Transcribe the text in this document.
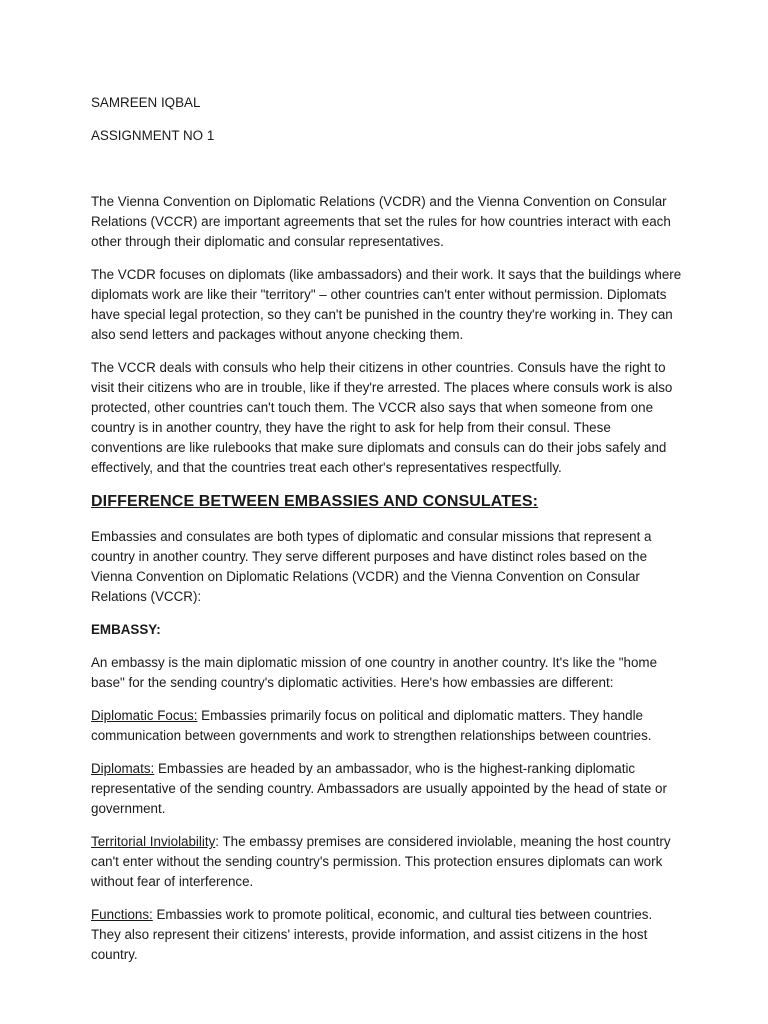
SAMREEN IQBAL

ASSIGNMENT NO 1

The Vienna Convention on Diplomatic Relations (VCDR) and the Vienna Convention on Consular Relations (VCCR) are important agreements that set the rules for how countries interact with each other through their diplomatic and consular representatives.

The VCDR focuses on diplomats (like ambassadors) and their work. It says that the buildings where diplomats work are like their "territory" – other countries can't enter without permission. Diplomats have special legal protection, so they can't be punished in the country they're working in. They can also send letters and packages without anyone checking them.

The VCCR deals with consuls who help their citizens in other countries. Consuls have the right to visit their citizens who are in trouble, like if they're arrested. The places where consuls work is also protected, other countries can't touch them. The VCCR also says that when someone from one country is in another country, they have the right to ask for help from their consul. These conventions are like rulebooks that make sure diplomats and consuls can do their jobs safely and effectively, and that the countries treat each other's representatives respectfully.

DIFFERENCE BETWEEN EMBASSIES AND CONSULATES:

Embassies and consulates are both types of diplomatic and consular missions that represent a country in another country. They serve different purposes and have distinct roles based on the Vienna Convention on Diplomatic Relations (VCDR) and the Vienna Convention on Consular Relations (VCCR):

EMBASSY:

An embassy is the main diplomatic mission of one country in another country. It's like the "home base" for the sending country's diplomatic activities. Here's how embassies are different:

Diplomatic Focus: Embassies primarily focus on political and diplomatic matters. They handle communication between governments and work to strengthen relationships between countries.

Diplomats: Embassies are headed by an ambassador, who is the highest-ranking diplomatic representative of the sending country. Ambassadors are usually appointed by the head of state or government.

Territorial Inviolability: The embassy premises are considered inviolable, meaning the host country can't enter without the sending country's permission. This protection ensures diplomats can work without fear of interference.

Functions: Embassies work to promote political, economic, and cultural ties between countries. They also represent their citizens' interests, provide information, and assist citizens in the host country.
